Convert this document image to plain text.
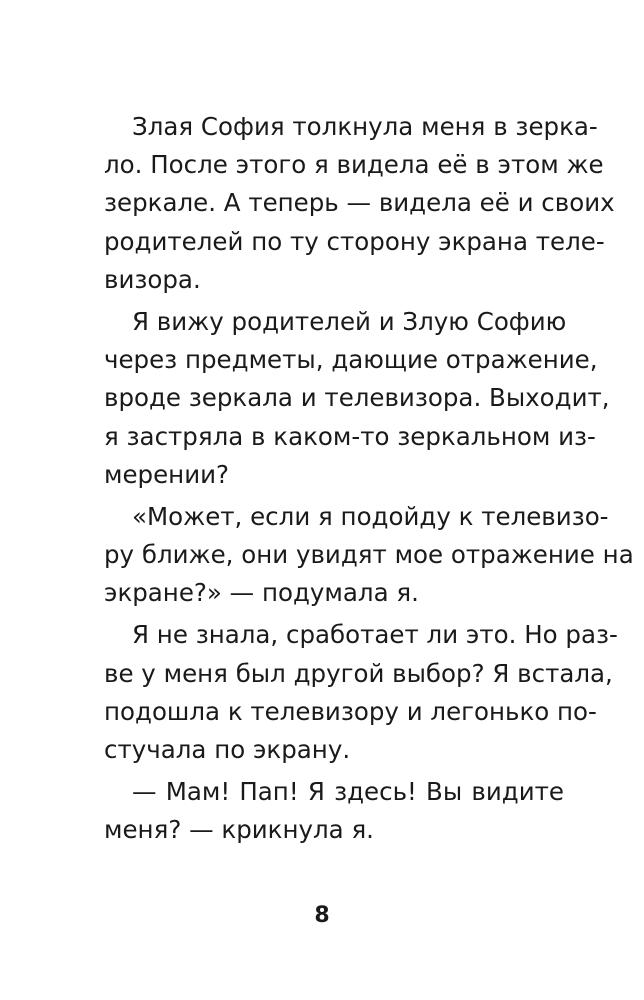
Злая София толкнула меня в зерка-
ло. После этого я видела её в этом же
зеркале. А теперь — видела её и своих
родителей по ту сторону экрана теле-
визора.

Я вижу родителей и Злую Софию
через предметы, дающие отражение,
вроде зеркала и телевизора. Выходит,
я застряла в каком-то зеркальном из-
мерении?

«Может, если я подойду к телевизо-
ру ближе, они увидят мое отражение на
экране?» — подумала я.

Я не знала, сработает ли это. Но раз-
ве у меня был другой выбор? Я встала,
подошла к телевизору и легонько по-
стучала по экрану.

— Мам! Пап! Я здесь! Вы видите
меня? — крикнула я.

8
